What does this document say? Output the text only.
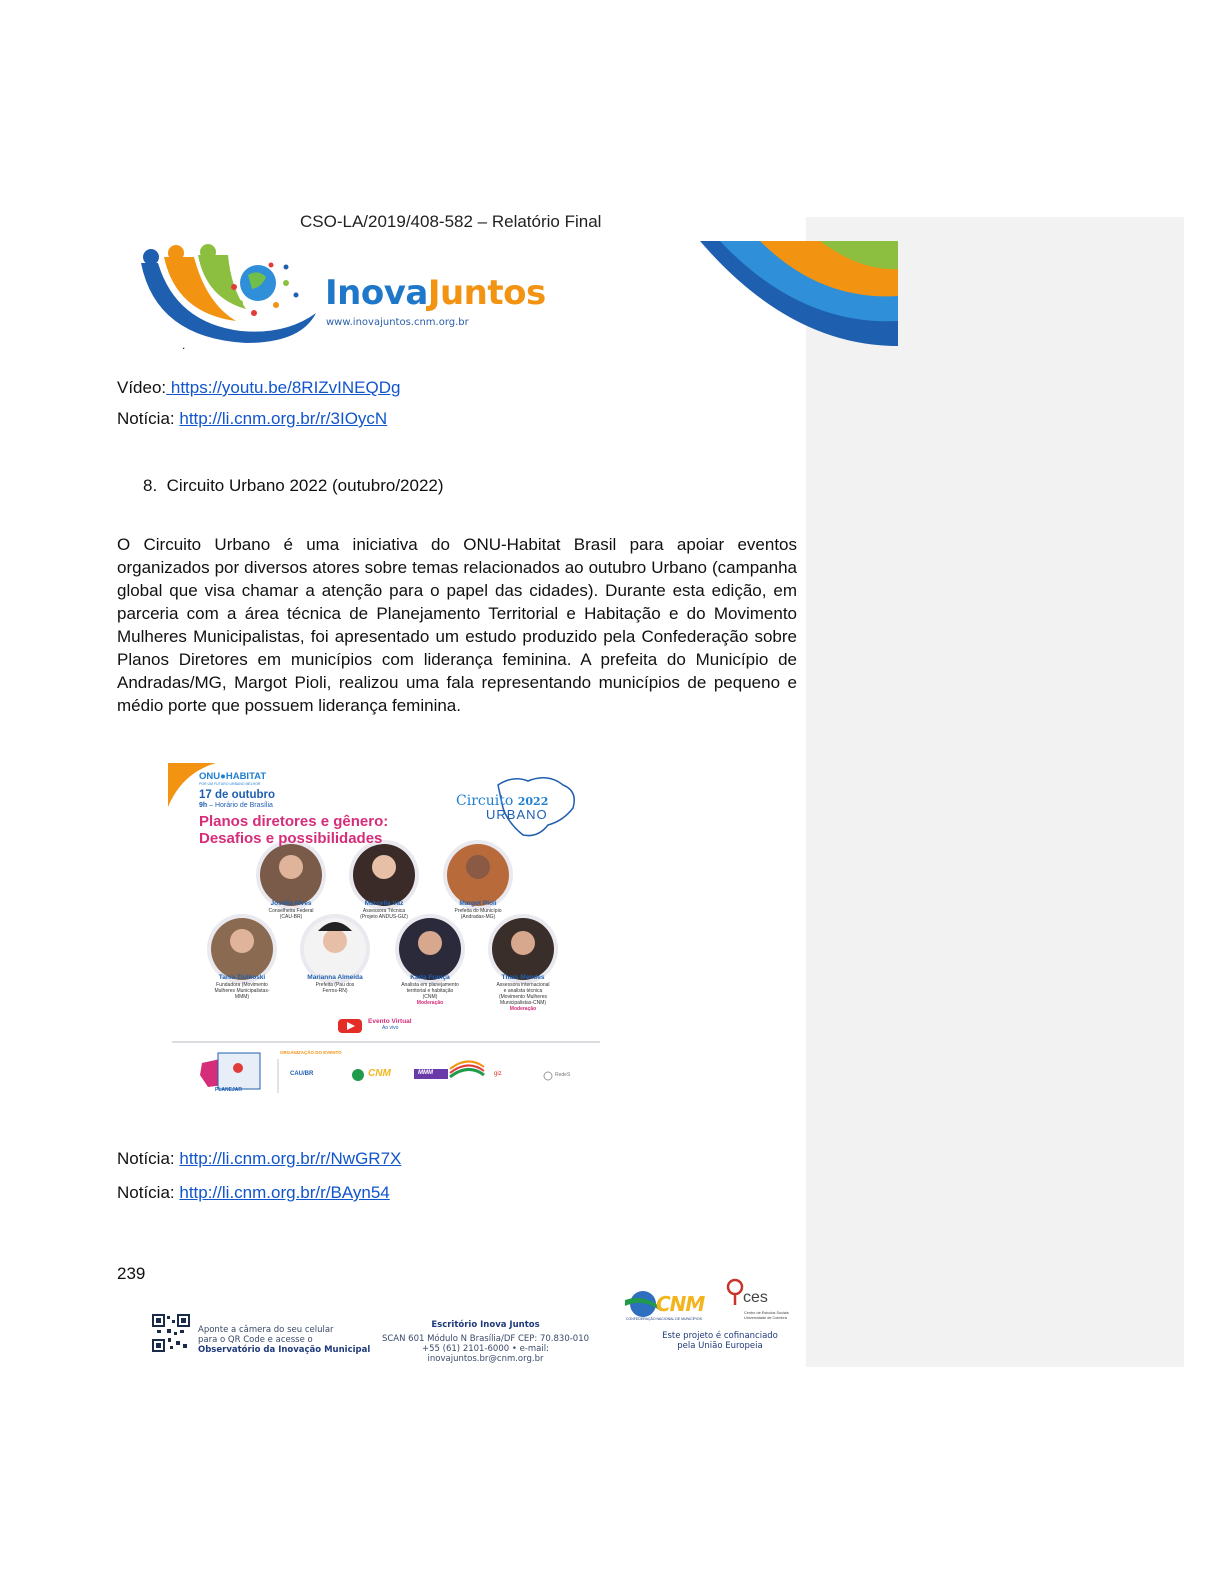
CSO-LA/2019/408-582 – Relatório Final
InovaJuntos
www.inovajuntos.cnm.org.br
.
Vídeo: https://youtu.be/8RIZvINEQDg
Notícia: http://li.cnm.org.br/r/3IOycN
8. Circuito Urbano 2022 (outubro/2022)
O Circuito Urbano é uma iniciativa do ONU-Habitat Brasil para apoiar eventos organizados por diversos atores sobre temas relacionados ao outubro Urbano (campanha global que visa chamar a atenção para o papel das cidades). Durante esta edição, em parceria com a área técnica de Planejamento Territorial e Habitação e do Movimento Mulheres Municipalistas, foi apresentado um estudo produzido pela Confederação sobre Planos Diretores em municípios com liderança feminina. A prefeita do Município de Andradas/MG, Margot Pioli, realizou uma fala representando municípios de pequeno e médio porte que possuem liderança feminina.
ONU●HABITAT
POR UM FUTURO URBANO MELHOR
17 de outubro
9h – Horário de Brasília
Planos diretores e gênero:
Desafios e possibilidades
Circuito 2022
URBANO
Josélia Alves
Conselheira Federal
(CAU-BR)
Marcella Vaz
Assessora Técnica
(Projeto ANDUS-GIZ)
Margot Pioli
Prefeita do Município
(Andradas-MG)
Tania Ziulkoski
Fundadora (Movimento
Mulheres Municipalistas-
MMM)
Marianna Almeida
Prefeita (Pau dos
Ferros-RN)
Karla França
Analista em planejamento
territorial e habitação
(CNM)
Moderação
Thaís Mendes
Assessora internacional
e analista técnica
(Movimento Mulheres
Municipalistas-CNM)
Moderação
Evento Virtual
Ao vivo
ORGANIZAÇÃO DO EVENTO
PLANEJAR
CAU/BR	CNM	MMM	giz	RedeS
Notícia: http://li.cnm.org.br/r/NwGR7X
Notícia: http://li.cnm.org.br/r/BAyn54
239
Aponte a câmera do seu celular
para o QR Code e acesse o
Observatório da Inovação Municipal
Escritório Inova Juntos
SCAN 601 Módulo N Brasília/DF CEP: 70.830-010
+55 (61) 2101-6000 • e-mail: inovajuntos.br@cnm.org.br
CNM
CONFEDERAÇÃO NACIONAL DE MUNICÍPIOS
ces
Centro de Estudos Sociais
Universidade de Coimbra
Este projeto é cofinanciado
pela União Europeia
